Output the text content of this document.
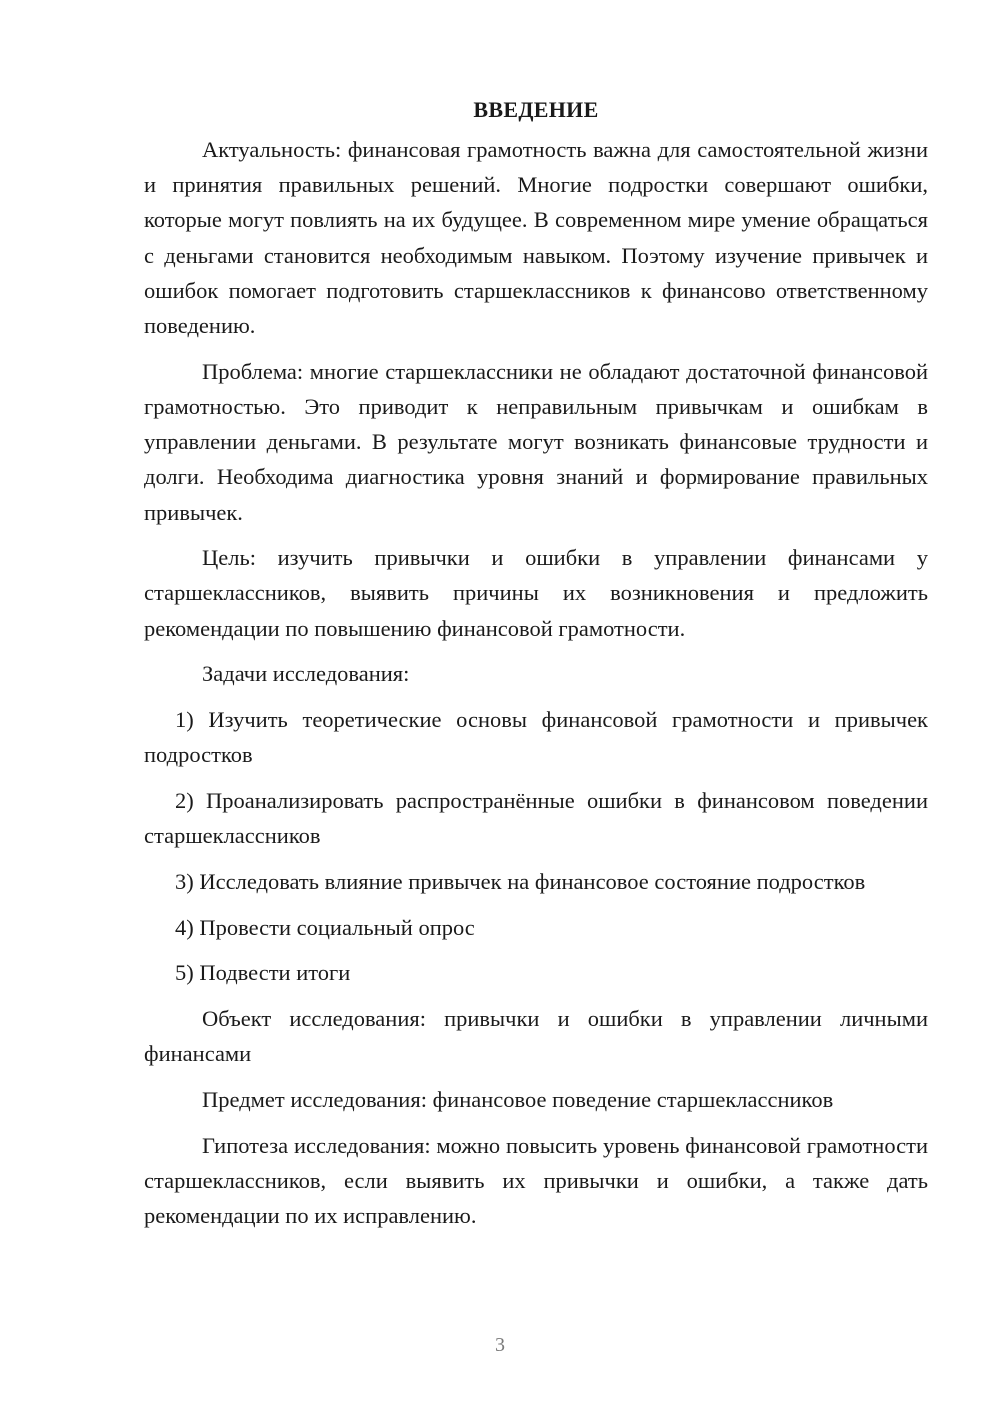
ВВЕДЕНИЕ

Актуальность: финансовая грамотность важна для самостоятельной жизни и принятия правильных решений. Многие подростки совершают ошибки, которые могут повлиять на их будущее. В современном мире умение обращаться с деньгами становится необходимым навыком. Поэтому изучение привычек и ошибок помогает подготовить старшеклассников к финансово ответственному поведению.

Проблема: многие старшеклассники не обладают достаточной финансовой грамотностью. Это приводит к неправильным привычкам и ошибкам в управлении деньгами. В результате могут возникать финансовые трудности и долги. Необходима диагностика уровня знаний и формирование правильных привычек.

Цель: изучить привычки и ошибки в управлении финансами у старшеклассников, выявить причины их возникновения и предложить рекомендации по повышению финансовой грамотности.

Задачи исследования:

1) Изучить теоретические основы финансовой грамотности и привычек подростков

2) Проанализировать распространённые ошибки в финансовом поведении старшеклассников

3) Исследовать влияние привычек на финансовое состояние подростков

4) Провести социальный опрос

5) Подвести итоги

Объект исследования: привычки и ошибки в управлении личными финансами

Предмет исследования: финансовое поведение старшеклассников

Гипотеза исследования: можно повысить уровень финансовой грамотности старшеклассников, если выявить их привычки и ошибки, а также дать рекомендации по их исправлению.

3
